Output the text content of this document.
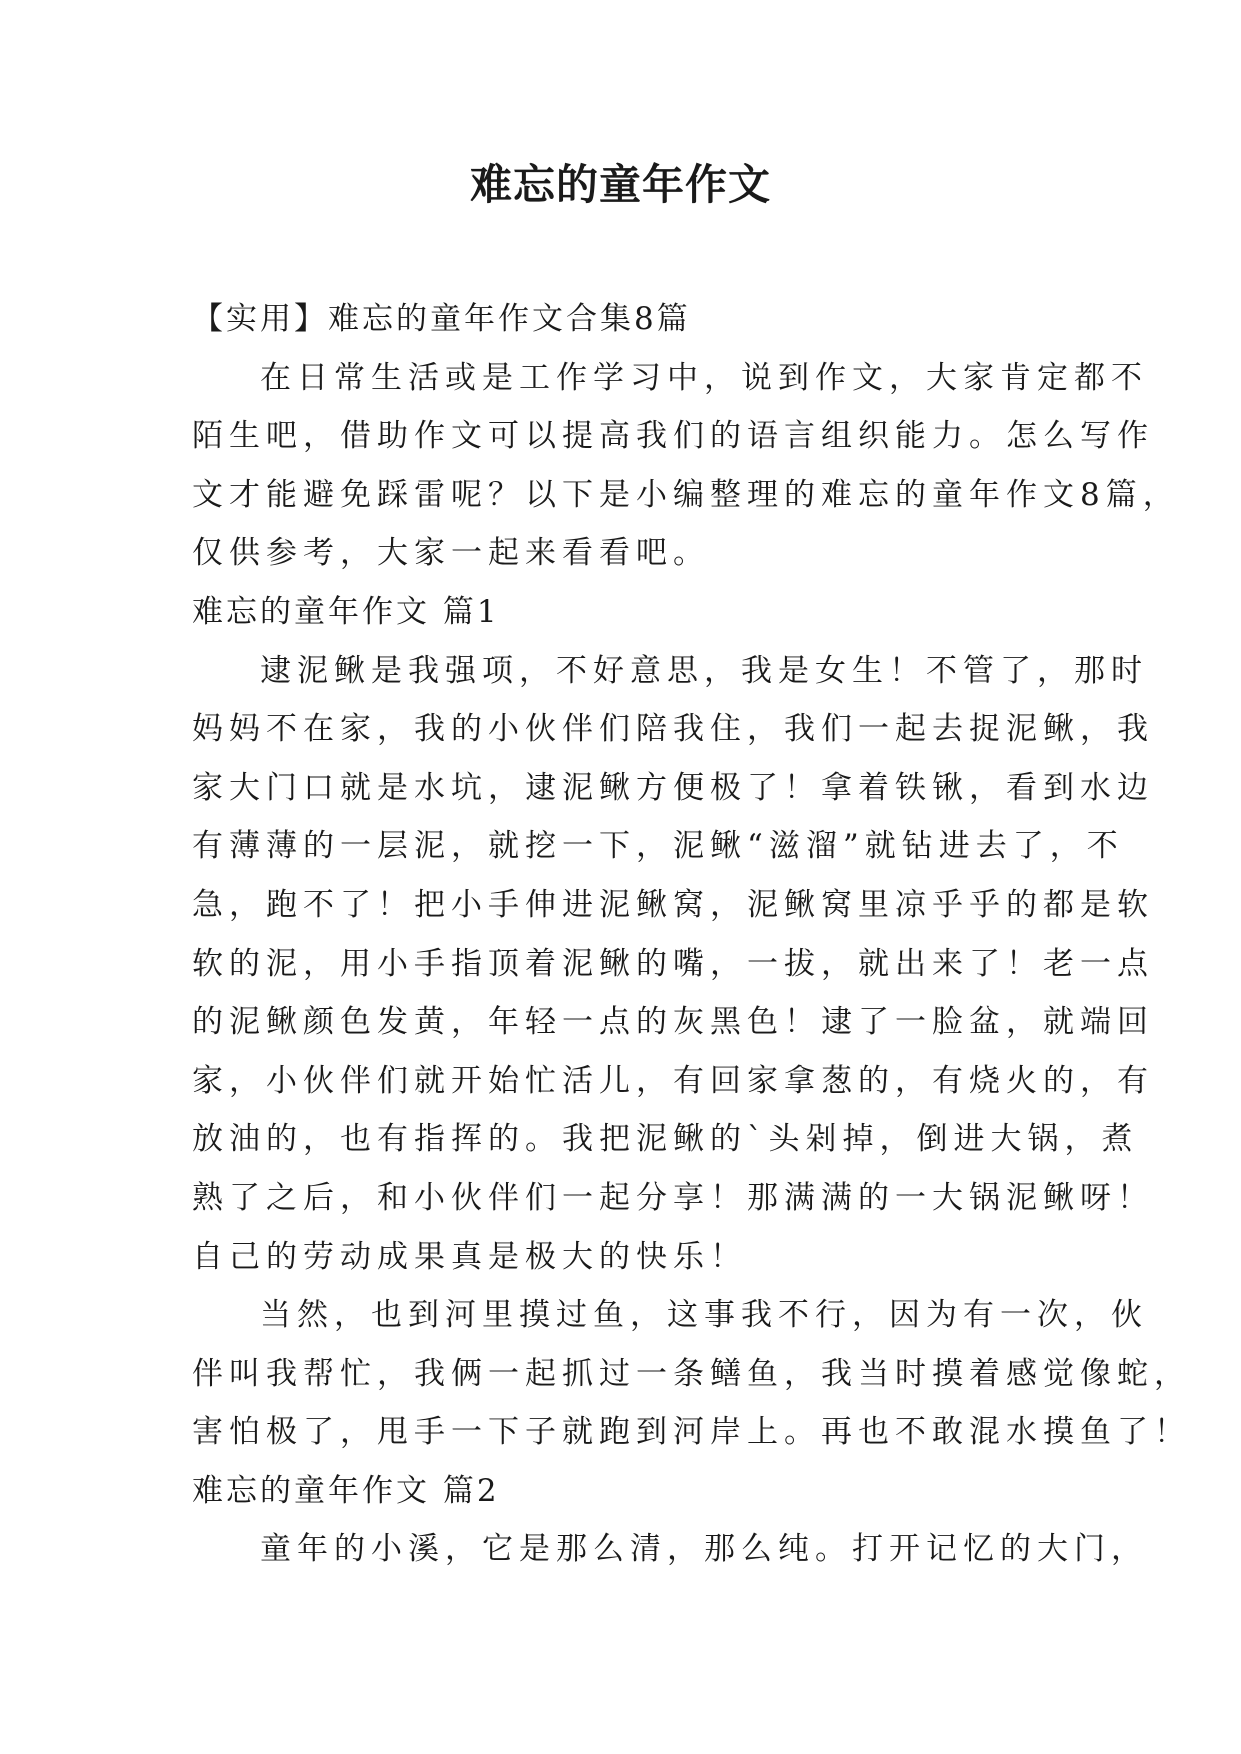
难忘的童年作文
【实用】难忘的童年作文合集8篇
在日常生活或是工作学习中，说到作文，大家肯定都不
陌生吧，借助作文可以提高我们的语言组织能力。怎么写作
文才能避免踩雷呢？以下是小编整理的难忘的童年作文8篇，
仅供参考，大家一起来看看吧。
难忘的童年作文 篇1
逮泥鳅是我强项，不好意思，我是女生！不管了，那时
妈妈不在家，我的小伙伴们陪我住，我们一起去捉泥鳅，我
家大门口就是水坑，逮泥鳅方便极了！拿着铁锹，看到水边
有薄薄的一层泥，就挖一下，泥鳅“滋溜”就钻进去了，不
急，跑不了！把小手伸进泥鳅窝，泥鳅窝里凉乎乎的都是软
软的泥，用小手指顶着泥鳅的嘴，一拔，就出来了！老一点
的泥鳅颜色发黄，年轻一点的灰黑色！逮了一脸盆，就端回
家，小伙伴们就开始忙活儿，有回家拿葱的，有烧火的，有
放油的，也有指挥的。我把泥鳅的`头剁掉，倒进大锅，煮
熟了之后，和小伙伴们一起分享！那满满的一大锅泥鳅呀！
自己的劳动成果真是极大的快乐！
当然，也到河里摸过鱼，这事我不行，因为有一次，伙
伴叫我帮忙，我俩一起抓过一条鳝鱼，我当时摸着感觉像蛇，
害怕极了，甩手一下子就跑到河岸上。再也不敢混水摸鱼了！
难忘的童年作文 篇2
童年的小溪，它是那么清，那么纯。打开记忆的大门，
